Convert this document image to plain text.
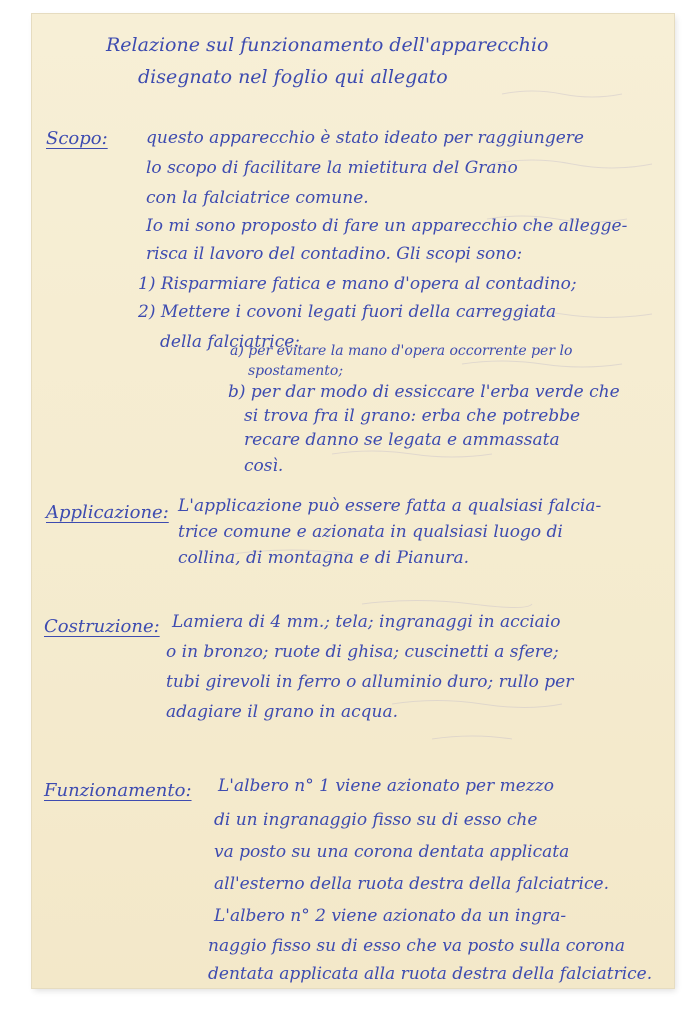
Relazione sul funzionamento dell'apparecchio
disegnato nel foglio qui allegato
Scopo: questo apparecchio è stato ideato per raggiungere
lo scopo di facilitare la mietitura del Grano
con la falciatrice comune.
Io mi sono proposto di fare un apparecchio che allegge-
risca il lavoro del contadino. Gli scopi sono:
1) Risparmiare fatica e mano d'opera al contadino;
2) Mettere i covoni legati fuori della carreggiata
della falciatrice:
a) per evitare la mano d'opera occorrente per lo
spostamento;
b) per dar modo di essiccare l'erba verde che
si trova fra il grano: erba che potrebbe
recare danno se legata e ammassata
così.
Applicazione: L'applicazione può essere fatta a qualsiasi falcia-
trice comune e azionata in qualsiasi luogo di
collina, di montagna e di Pianura.
Costruzione: Lamiera di 4 mm.; tela; ingranaggi in acciaio
o in bronzo; ruote di ghisa; cuscinetti a sfere;
tubi girevoli in ferro o alluminio duro; rullo per
adagiare il grano in acqua.
Funzionamento: L'albero n° 1 viene azionato per mezzo
di un ingranaggio fisso su di esso che
va posto su una corona dentata applicata
all'esterno della ruota destra della falciatrice.
L'albero n° 2 viene azionato da un ingra-
naggio fisso su di esso che va posto sulla corona
dentata applicata alla ruota destra della falciatrice.
